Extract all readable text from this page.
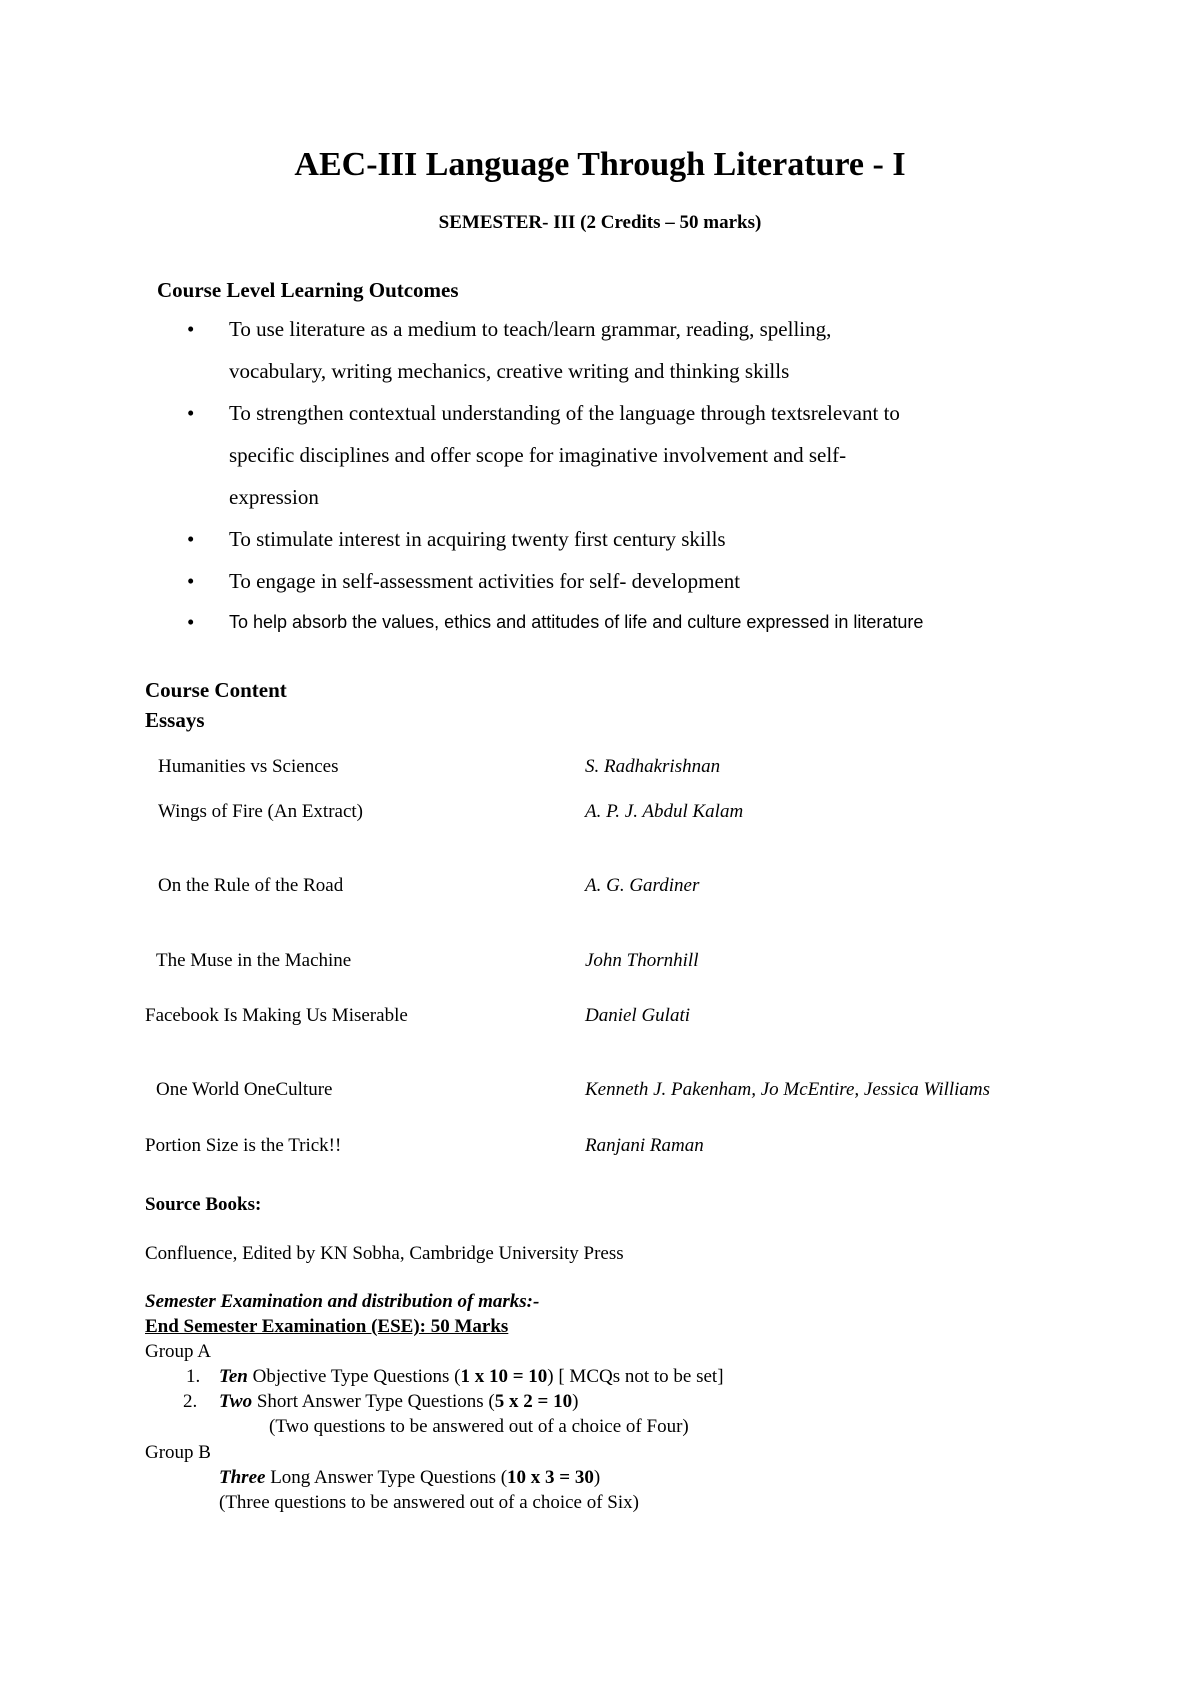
AEC-III Language Through Literature - I
SEMESTER- III (2 Credits – 50 marks)
Course Level Learning Outcomes
• To use literature as a medium to teach/learn grammar, reading, spelling,
vocabulary, writing mechanics, creative writing and thinking skills
• To strengthen contextual understanding of the language through textsrelevant to
specific disciplines and offer scope for imaginative involvement and self-
expression
• To stimulate interest in acquiring twenty first century skills
• To engage in self-assessment activities for self- development
• To help absorb the values, ethics and attitudes of life and culture expressed in literature
Course Content
Essays
Humanities vs Sciences	S. Radhakrishnan
Wings of Fire (An Extract)	A. P. J. Abdul Kalam
On the Rule of the Road	A. G. Gardiner
The Muse in the Machine	John Thornhill
Facebook Is Making Us Miserable	Daniel Gulati
One World OneCulture	Kenneth J. Pakenham, Jo McEntire, Jessica Williams
Portion Size is the Trick!!	Ranjani Raman
Source Books:
Confluence, Edited by KN Sobha, Cambridge University Press
Semester Examination and distribution of marks:-
End Semester Examination (ESE): 50 Marks
Group A
1. Ten Objective Type Questions (1 x 10 = 10) [ MCQs not to be set]
2. Two Short Answer Type Questions (5 x 2 = 10)
(Two questions to be answered out of a choice of Four)
Group B
Three Long Answer Type Questions (10 x 3 = 30)
(Three questions to be answered out of a choice of Six)
